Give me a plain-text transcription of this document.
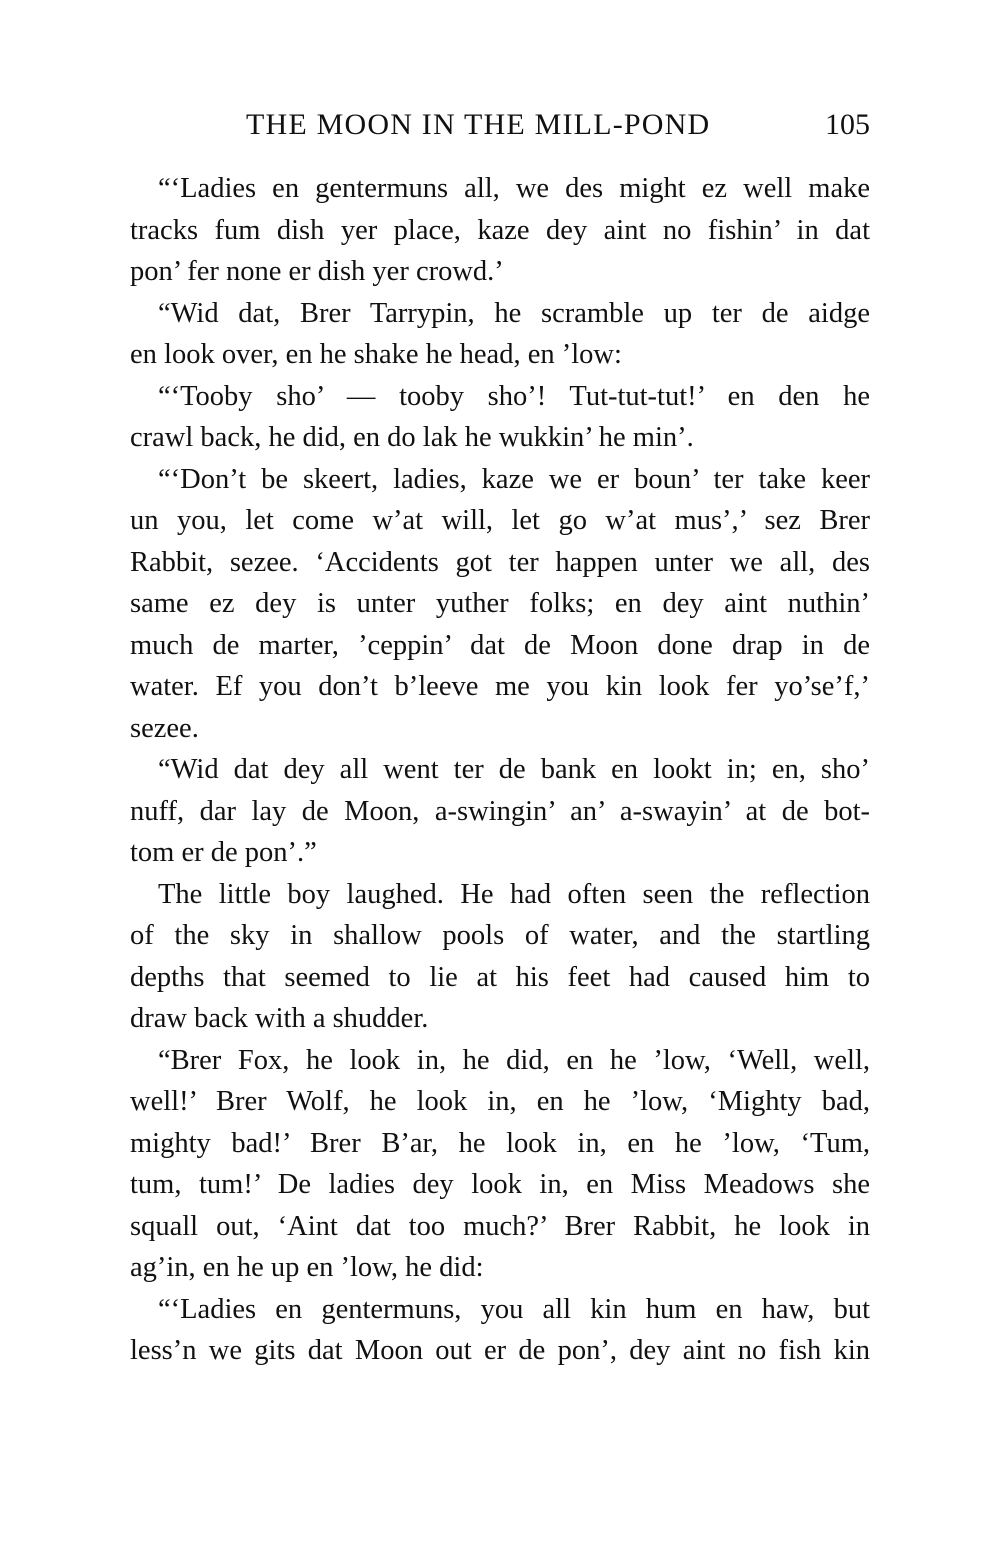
THE MOON IN THE MILL-POND	105
“‘Ladies en gentermuns all, we des might ez well make
tracks fum dish yer place, kaze dey aint no fishin’ in dat
pon’ fer none er dish yer crowd.’
“Wid dat, Brer Tarrypin, he scramble up ter de aidge
en look over, en he shake he head, en ’low:
“‘Tooby sho’ — tooby sho’! Tut-tut-tut!’ en den he
crawl back, he did, en do lak he wukkin’ he min’.
“‘Don’t be skeert, ladies, kaze we er boun’ ter take keer
un you, let come w’at will, let go w’at mus’,’ sez Brer
Rabbit, sezee. ‘Accidents got ter happen unter we all, des
same ez dey is unter yuther folks; en dey aint nuthin’
much de marter, ’ceppin’ dat de Moon done drap in de
water. Ef you don’t b’leeve me you kin look fer yo’se’f,’
sezee.
“Wid dat dey all went ter de bank en lookt in; en, sho’
nuff, dar lay de Moon, a-swingin’ an’ a-swayin’ at de bot-
tom er de pon’.”
The little boy laughed. He had often seen the reflection
of the sky in shallow pools of water, and the startling
depths that seemed to lie at his feet had caused him to
draw back with a shudder.
“Brer Fox, he look in, he did, en he ’low, ‘Well, well,
well!’ Brer Wolf, he look in, en he ’low, ‘Mighty bad,
mighty bad!’ Brer B’ar, he look in, en he ’low, ‘Tum,
tum, tum!’ De ladies dey look in, en Miss Meadows she
squall out, ‘Aint dat too much?’ Brer Rabbit, he look in
ag’in, en he up en ’low, he did:
“‘Ladies en gentermuns, you all kin hum en haw, but
less’n we gits dat Moon out er de pon’, dey aint no fish kin
